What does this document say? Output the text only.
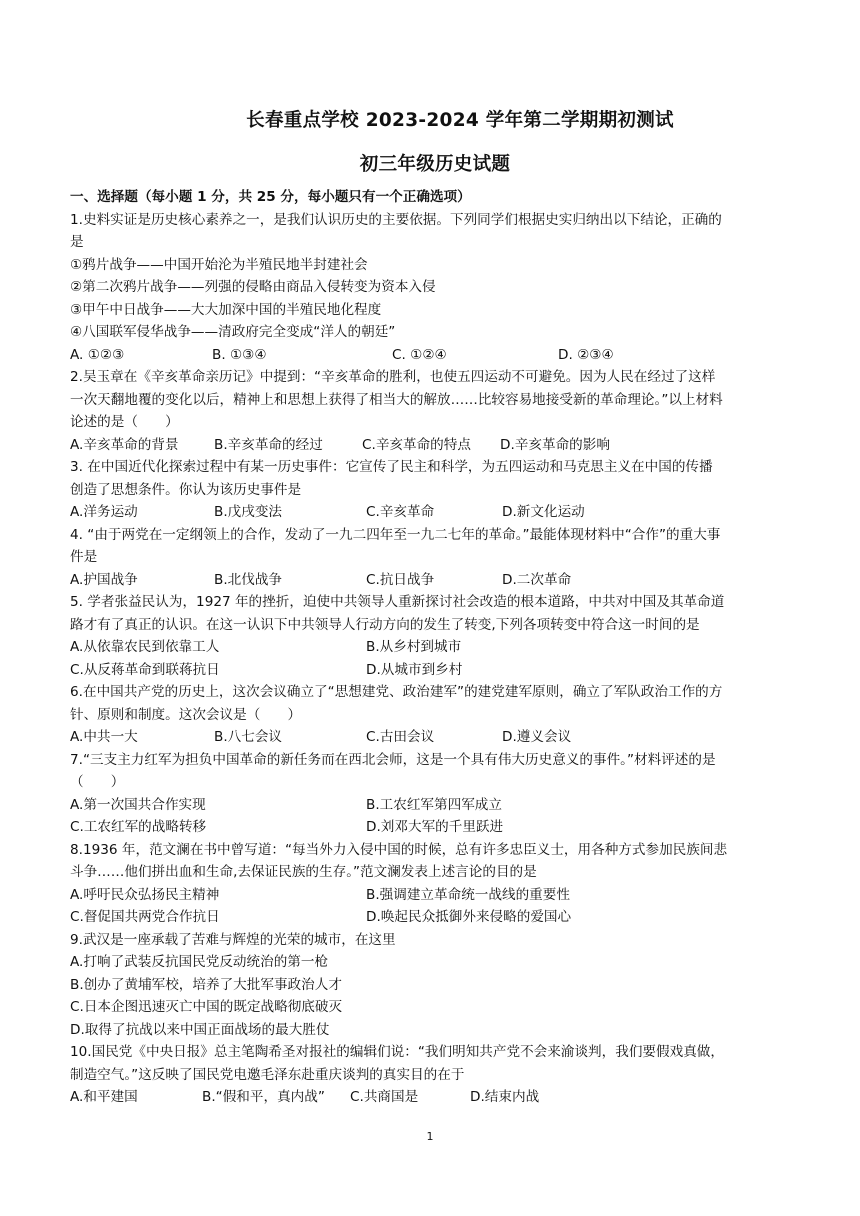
长春重点学校 2023-2024 学年第二学期期初测试
初三年级历史试题
一、选择题（每小题 1 分，共 25 分，每小题只有一个正确选项）
1.史料实证是历史核心素养之一，是我们认识历史的主要依据。下列同学们根据史实归纳出以下结论，正确的
是
①鸦片战争——中国开始沦为半殖民地半封建社会
②第二次鸦片战争——列强的侵略由商品入侵转变为资本入侵
③甲午中日战争——大大加深中国的半殖民地化程度
④八国联军侵华战争——清政府完全变成“洋人的朝廷”
A. ①②③	B. ①③④	C. ①②④	D. ②③④
2.吴玉章在《辛亥革命亲历记》中提到：“辛亥革命的胜利，也使五四运动不可避免。因为人民在经过了这样
一次天翻地覆的变化以后，精神上和思想上获得了相当大的解放……比较容易地接受新的革命理论。”以上材料
论述的是（　　）
A.辛亥革命的背景	B.辛亥革命的经过	C.辛亥革命的特点	D.辛亥革命的影响
3. 在中国近代化探索过程中有某一历史事件：它宣传了民主和科学，为五四运动和马克思主义在中国的传播
创造了思想条件。你认为该历史事件是
A.洋务运动	B.戊戌变法	C.辛亥革命	D.新文化运动
4. “由于两党在一定纲领上的合作，发动了一九二四年至一九二七年的革命。”最能体现材料中“合作”的重大事
件是
A.护国战争	B.北伐战争	C.抗日战争	D.二次革命
5. 学者张益民认为，1927 年的挫折，迫使中共领导人重新探讨社会改造的根本道路，中共对中国及其革命道
路才有了真正的认识。在这一认识下中共领导人行动方向的发生了转变,下列各项转变中符合这一时间的是
A.从依靠农民到依靠工人	B.从乡村到城市
C.从反蒋革命到联蒋抗日	D.从城市到乡村
6.在中国共产党的历史上，这次会议确立了“思想建党、政治建军”的建党建军原则，确立了军队政治工作的方
针、原则和制度。这次会议是（　　）
A.中共一大	B.八七会议	C.古田会议	D.遵义会议
7.“三支主力红军为担负中国革命的新任务而在西北会师，这是一个具有伟大历史意义的事件。”材料评述的是
（　　）
A.第一次国共合作实现	B.工农红军第四军成立
C.工农红军的战略转移	D.刘邓大军的千里跃进
8.1936 年，范文澜在书中曾写道：“每当外力入侵中国的时候，总有许多忠臣义士，用各种方式参加民族间悲
斗争……他们拼出血和生命,去保证民族的生存。”范文澜发表上述言论的目的是
A.呼吁民众弘扬民主精神	B.强调建立革命统一战线的重要性
C.督促国共两党合作抗日	D.唤起民众抵御外来侵略的爱国心
9.武汉是一座承载了苦难与辉煌的光荣的城市，在这里
A.打响了武装反抗国民党反动统治的第一枪
B.创办了黄埔军校，培养了大批军事政治人才
C.日本企图迅速灭亡中国的既定战略彻底破灭
D.取得了抗战以来中国正面战场的最大胜仗
10.国民党《中央日报》总主笔陶希圣对报社的编辑们说：“我们明知共产党不会来渝谈判，我们要假戏真做，
制造空气。”这反映了国民党电邀毛泽东赴重庆谈判的真实目的在于
A.和平建国	B.“假和平，真内战”	C.共商国是	D.结束内战
1
